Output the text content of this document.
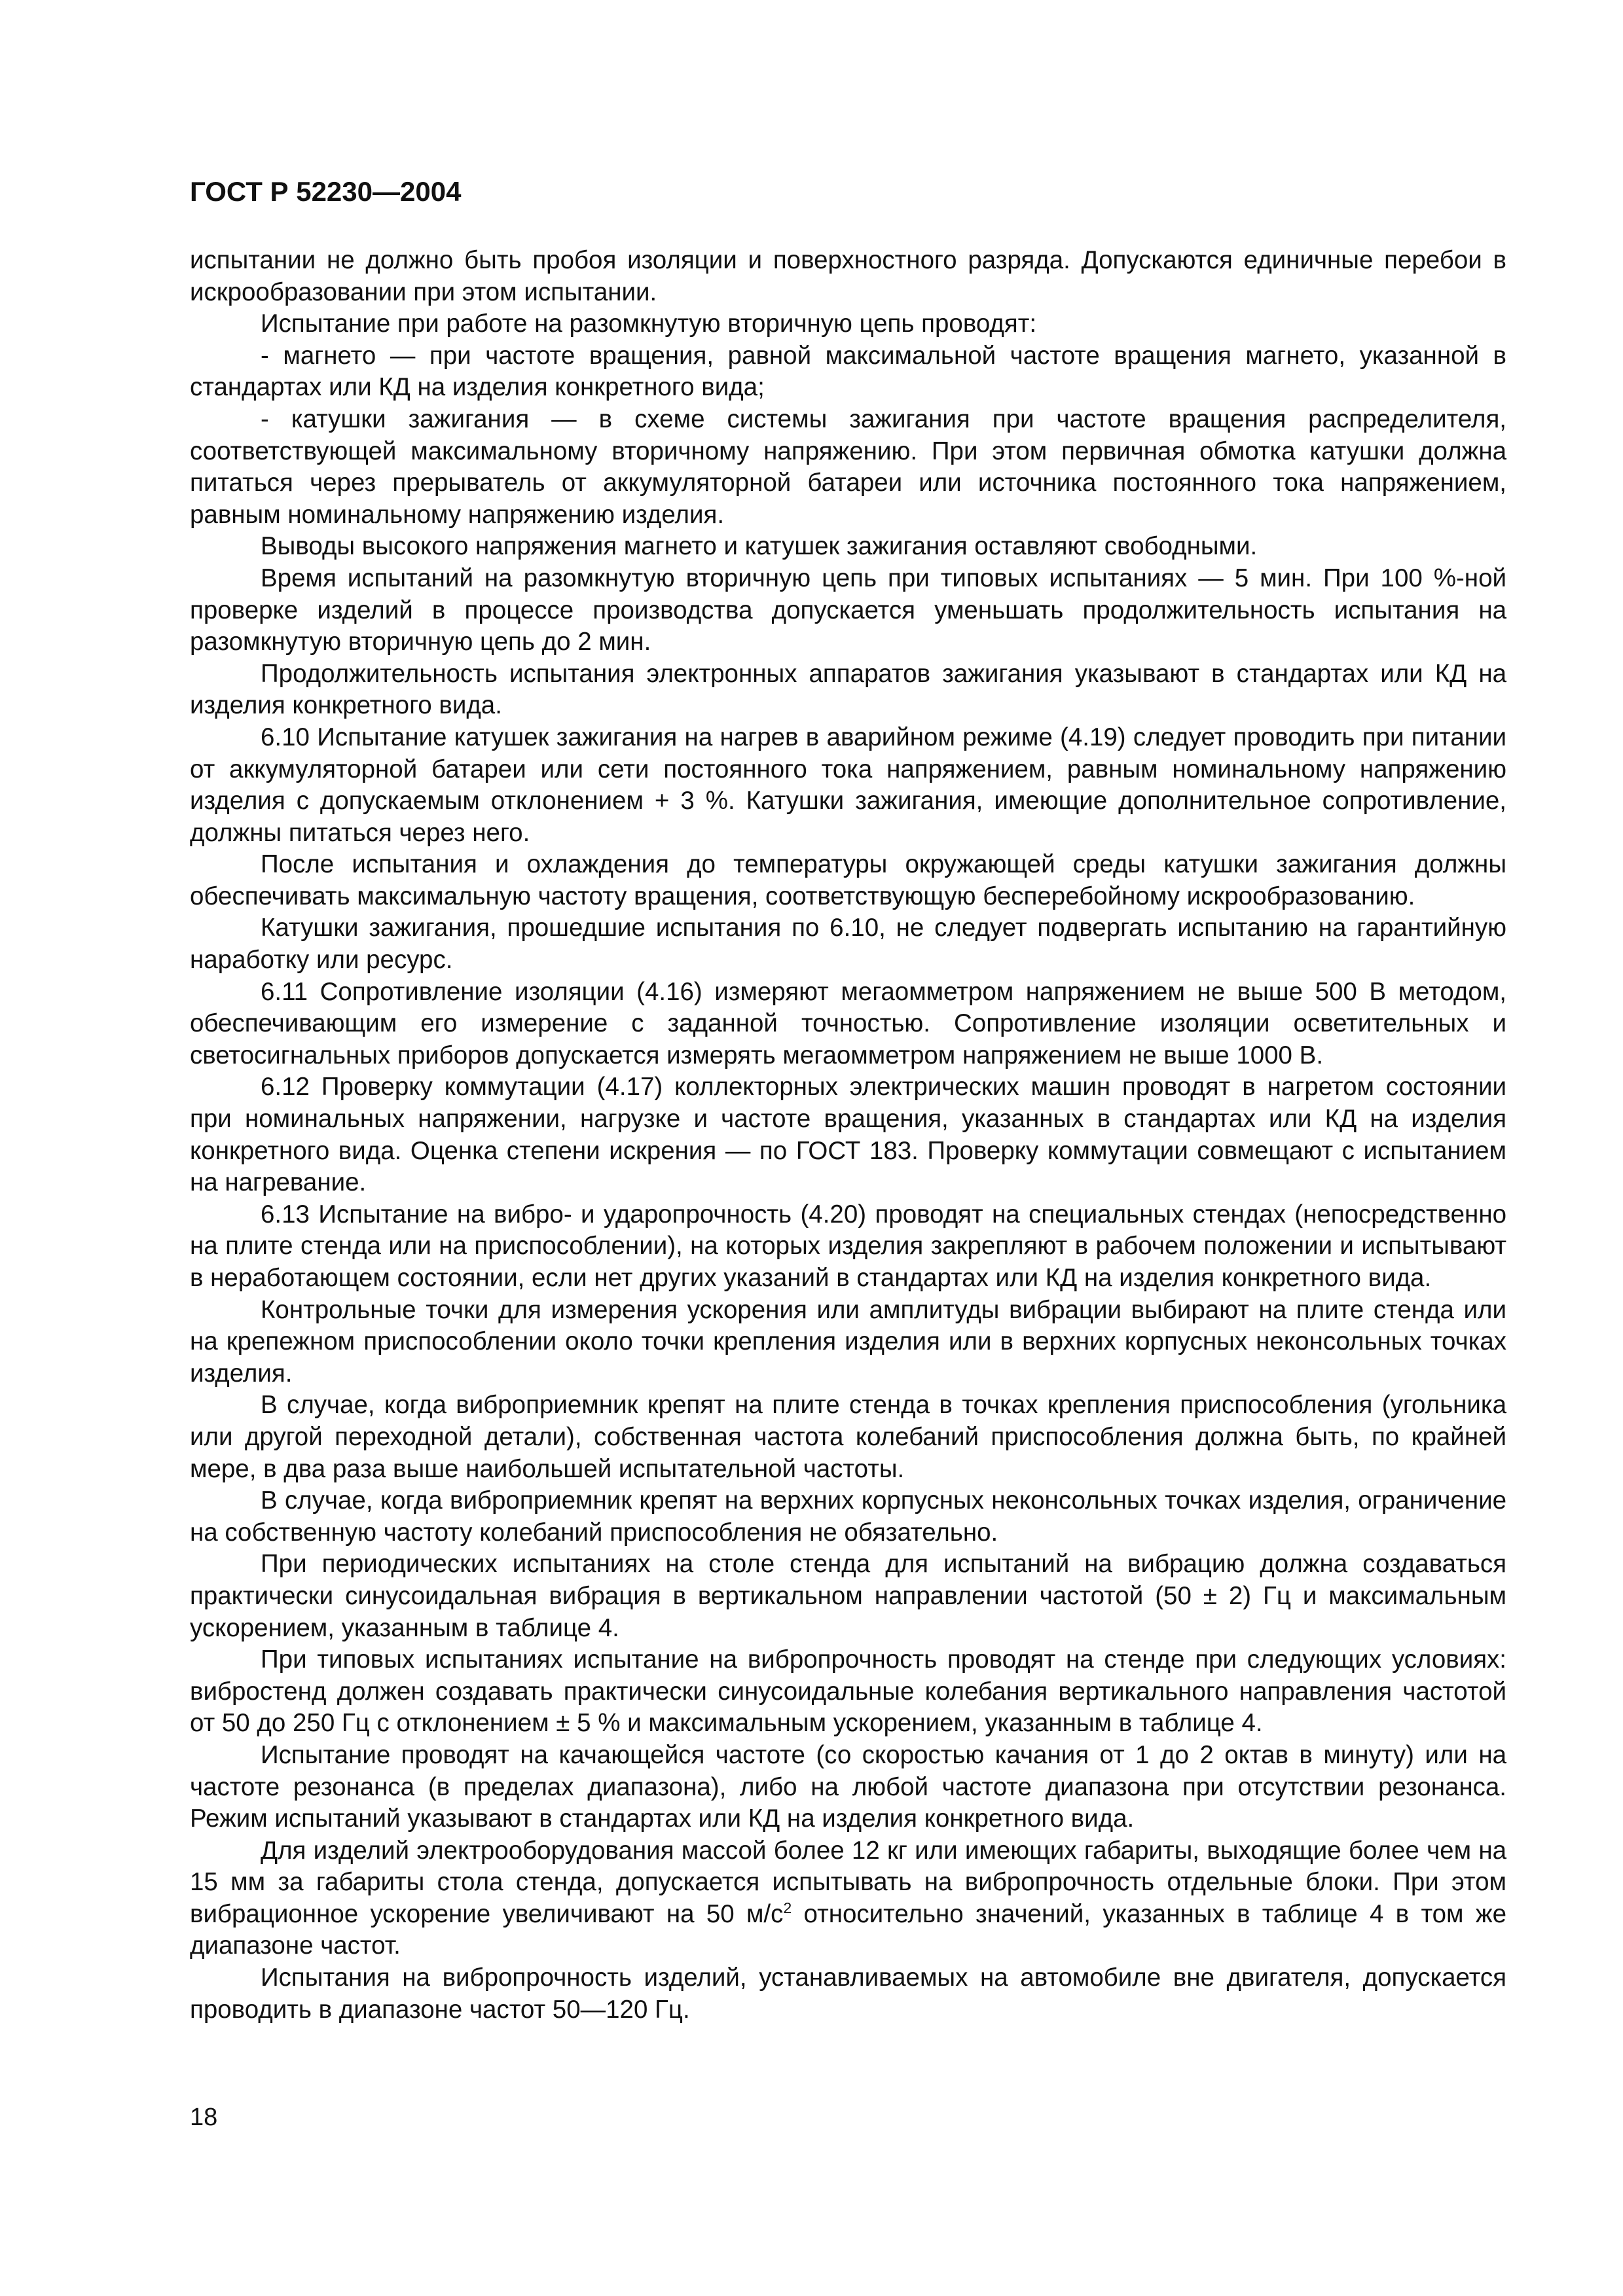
ГОСТ Р 52230—2004

испытании не должно быть пробоя изоляции и поверхностного разряда. Допускаются единичные перебои в искрообразовании при этом испытании.

Испытание при работе на разомкнутую вторичную цепь проводят:

- магнето — при частоте вращения, равной максимальной частоте вращения магнето, указанной в стандартах или КД на изделия конкретного вида;

- катушки зажигания — в схеме системы зажигания при частоте вращения распределителя, соответствующей максимальному вторичному напряжению. При этом первичная обмотка катушки должна питаться через прерыватель от аккумуляторной батареи или источника постоянного тока напряжением, равным номинальному напряжению изделия.

Выводы высокого напряжения магнето и катушек зажигания оставляют свободными.

Время испытаний на разомкнутую вторичную цепь при типовых испытаниях — 5 мин. При 100 %-ной проверке изделий в процессе производства допускается уменьшать продолжительность испытания на разомкнутую вторичную цепь до 2 мин.

Продолжительность испытания электронных аппаратов зажигания указывают в стандартах или КД на изделия конкретного вида.

6.10 Испытание катушек зажигания на нагрев в аварийном режиме (4.19) следует проводить при питании от аккумуляторной батареи или сети постоянного тока напряжением, равным номинальному напряжению изделия с допускаемым отклонением + 3 %. Катушки зажигания, имеющие дополнительное сопротивление, должны питаться через него.

После испытания и охлаждения до температуры окружающей среды катушки зажигания должны обеспечивать максимальную частоту вращения, соответствующую бесперебойному искрообразованию.

Катушки зажигания, прошедшие испытания по 6.10, не следует подвергать испытанию на гарантийную наработку или ресурс.

6.11 Сопротивление изоляции (4.16) измеряют мегаомметром напряжением не выше 500 В методом, обеспечивающим его измерение с заданной точностью. Сопротивление изоляции осветительных и светосигнальных приборов допускается измерять мегаомметром напряжением не выше 1000 В.

6.12 Проверку коммутации (4.17) коллекторных электрических машин проводят в нагретом состоянии при номинальных напряжении, нагрузке и частоте вращения, указанных в стандартах или КД на изделия конкретного вида. Оценка степени искрения — по ГОСТ 183. Проверку коммутации совмещают с испытанием на нагревание.

6.13 Испытание на вибро- и ударопрочность (4.20) проводят на специальных стендах (непосредственно на плите стенда или на приспособлении), на которых изделия закрепляют в рабочем положении и испытывают в неработающем состоянии, если нет других указаний в стандартах или КД на изделия конкретного вида.

Контрольные точки для измерения ускорения или амплитуды вибрации выбирают на плите стенда или на крепежном приспособлении около точки крепления изделия или в верхних корпусных неконсольных точках изделия.

В случае, когда виброприемник крепят на плите стенда в точках крепления приспособления (угольника или другой переходной детали), собственная частота колебаний приспособления должна быть, по крайней мере, в два раза выше наибольшей испытательной частоты.

В случае, когда виброприемник крепят на верхних корпусных неконсольных точках изделия, ограничение на собственную частоту колебаний приспособления не обязательно.

При периодических испытаниях на столе стенда для испытаний на вибрацию должна создаваться практически синусоидальная вибрация в вертикальном направлении частотой (50 ± 2) Гц и максимальным ускорением, указанным в таблице 4.

При типовых испытаниях испытание на вибропрочность проводят на стенде при следующих условиях: вибростенд должен создавать практически синусоидальные колебания вертикального направления частотой от 50 до 250 Гц с отклонением ± 5 % и максимальным ускорением, указанным в таблице 4.

Испытание проводят на качающейся частоте (со скоростью качания от 1 до 2 октав в минуту) или на частоте резонанса (в пределах диапазона), либо на любой частоте диапазона при отсутствии резонанса. Режим испытаний указывают в стандартах или КД на изделия конкретного вида.

Для изделий электрооборудования массой более 12 кг или имеющих габариты, выходящие более чем на 15 мм за габариты стола стенда, допускается испытывать на вибропрочность отдельные блоки. При этом вибрационное ускорение увеличивают на 50 $м/с^2$ относительно значений, указанных в таблице 4 в том же диапазоне частот.

Испытания на вибропрочность изделий, устанавливаемых на автомобиле вне двигателя, допускается проводить в диапазоне частот 50—120 Гц.

18
